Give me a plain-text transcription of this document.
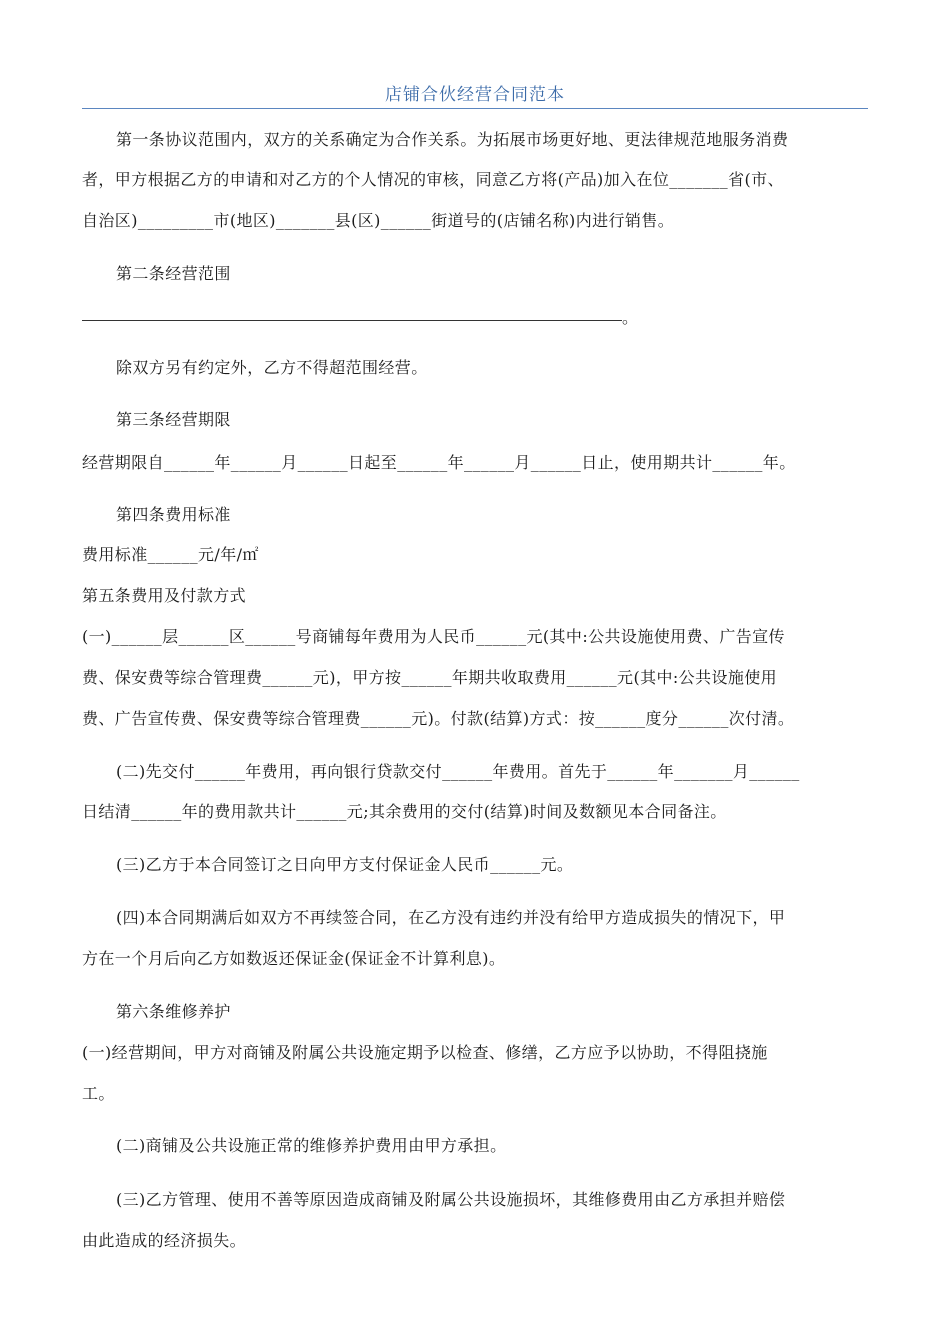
店铺合伙经营合同范本
第一条协议范围内，双方的关系确定为合作关系。为拓展市场更好地、更法律规范地服务消费
者，甲方根据乙方的申请和对乙方的个人情况的审核，同意乙方将(产品)加入在位_______省(市、
自治区)_________市(地区)_______县(区)______街道号的(店铺名称)内进行销售。
第二条经营范围
。
除双方另有约定外，乙方不得超范围经营。
第三条经营期限
经营期限自______年______月______日起至______年______月______日止，使用期共计______年。
第四条费用标准
费用标准______元/年/㎡
第五条费用及付款方式
(一)______层______区______号商铺每年费用为人民币______元(其中:公共设施使用费、广告宣传
费、保安费等综合管理费______元)，甲方按______年期共收取费用______元(其中:公共设施使用
费、广告宣传费、保安费等综合管理费______元)。付款(结算)方式：按______度分______次付清。
(二)先交付______年费用，再向银行贷款交付______年费用。首先于______年_______月______
日结清______年的费用款共计______元;其余费用的交付(结算)时间及数额见本合同备注。
(三)乙方于本合同签订之日向甲方支付保证金人民币______元。
(四)本合同期满后如双方不再续签合同，在乙方没有违约并没有给甲方造成损失的情况下，甲
方在一个月后向乙方如数返还保证金(保证金不计算利息)。
第六条维修养护
(一)经营期间，甲方对商铺及附属公共设施定期予以检查、修缮，乙方应予以协助，不得阻挠施
工。
(二)商铺及公共设施正常的维修养护费用由甲方承担。
(三)乙方管理、使用不善等原因造成商铺及附属公共设施损坏，其维修费用由乙方承担并赔偿
由此造成的经济损失。
